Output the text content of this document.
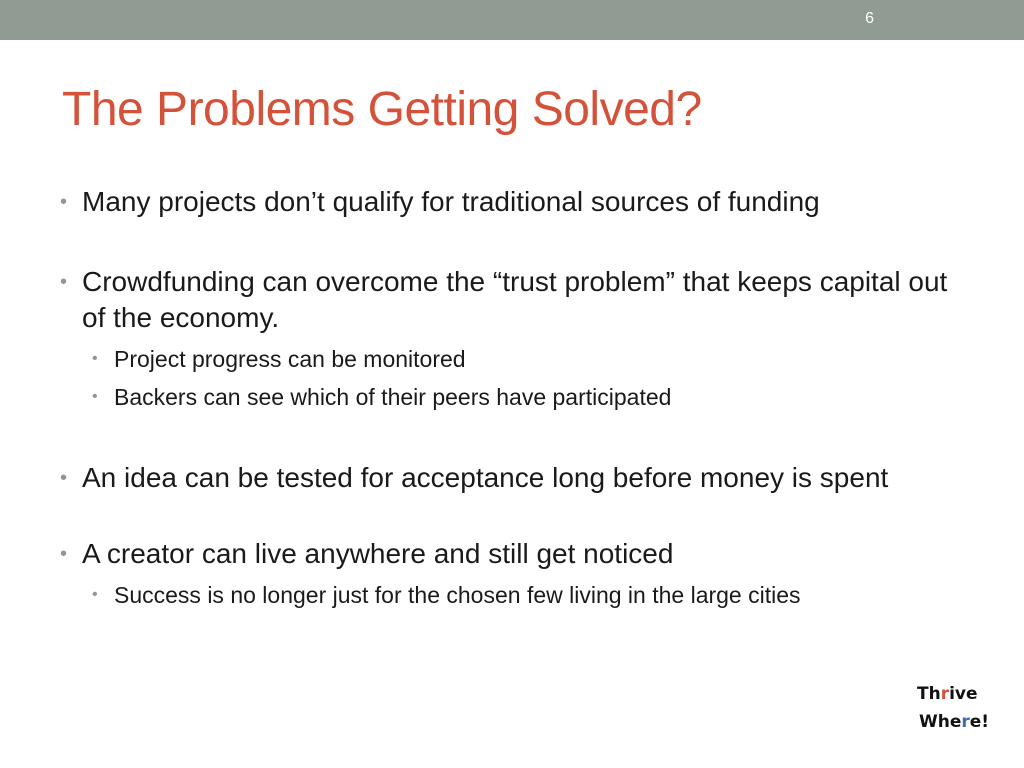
6
The Problems Getting Solved?
• Many projects don’t qualify for traditional sources of funding
• Crowdfunding can overcome the “trust problem” that keeps capital out of the economy.
• Project progress can be monitored
• Backers can see which of their peers have participated
• An idea can be tested for acceptance long before money is spent
• A creator can live anywhere and still get noticed
• Success is no longer just for the chosen few living in the large cities
Thrive
Where!
